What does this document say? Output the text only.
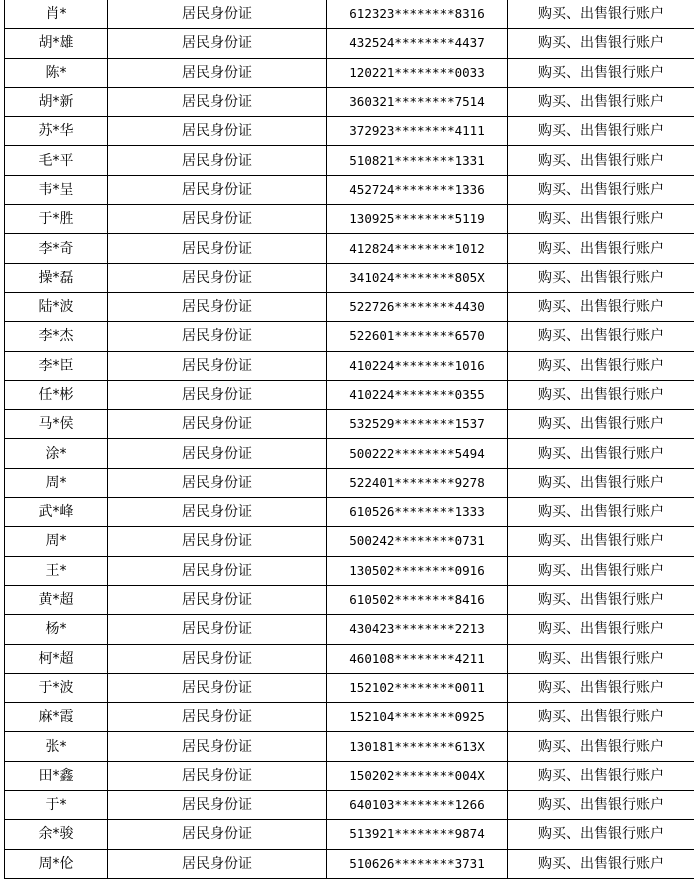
肖*	居民身份证	612323********8316	购买、出售银行账户
胡*雄	居民身份证	432524********4437	购买、出售银行账户
陈*	居民身份证	120221********0033	购买、出售银行账户
胡*新	居民身份证	360321********7514	购买、出售银行账户
苏*华	居民身份证	372923********4111	购买、出售银行账户
毛*平	居民身份证	510821********1331	购买、出售银行账户
韦*呈	居民身份证	452724********1336	购买、出售银行账户
于*胜	居民身份证	130925********5119	购买、出售银行账户
李*奇	居民身份证	412824********1012	购买、出售银行账户
操*磊	居民身份证	341024********805X	购买、出售银行账户
陆*波	居民身份证	522726********4430	购买、出售银行账户
李*杰	居民身份证	522601********6570	购买、出售银行账户
李*臣	居民身份证	410224********1016	购买、出售银行账户
任*彬	居民身份证	410224********0355	购买、出售银行账户
马*侯	居民身份证	532529********1537	购买、出售银行账户
涂*	居民身份证	500222********5494	购买、出售银行账户
周*	居民身份证	522401********9278	购买、出售银行账户
武*峰	居民身份证	610526********1333	购买、出售银行账户
周*	居民身份证	500242********0731	购买、出售银行账户
王*	居民身份证	130502********0916	购买、出售银行账户
黄*超	居民身份证	610502********8416	购买、出售银行账户
杨*	居民身份证	430423********2213	购买、出售银行账户
柯*超	居民身份证	460108********4211	购买、出售银行账户
于*波	居民身份证	152102********0011	购买、出售银行账户
麻*霞	居民身份证	152104********0925	购买、出售银行账户
张*	居民身份证	130181********613X	购买、出售银行账户
田*鑫	居民身份证	150202********004X	购买、出售银行账户
于*	居民身份证	640103********1266	购买、出售银行账户
余*骏	居民身份证	513921********9874	购买、出售银行账户
周*伦	居民身份证	510626********3731	购买、出售银行账户
